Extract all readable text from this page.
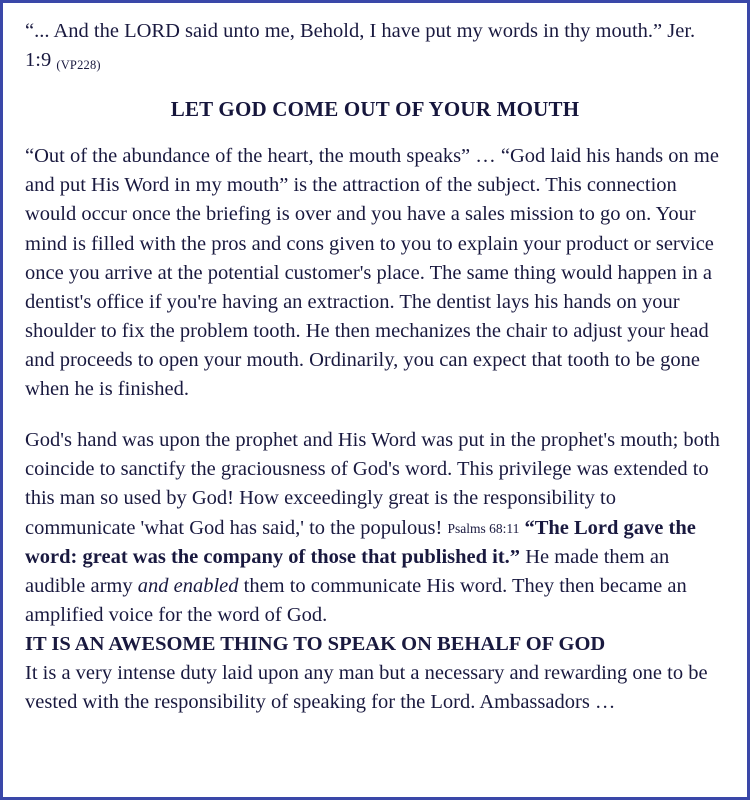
“... And the LORD said unto me, Behold, I have put my words in thy mouth.” Jer. 1:9 (VP228)

LET GOD COME OUT OF YOUR MOUTH

“Out of the abundance of the heart, the mouth speaks” … “God laid his hands on me and put His Word in my mouth” is the attraction of the subject. This connection would occur once the briefing is over and you have a sales mission to go on. Your mind is filled with the pros and cons given to you to explain your product or service once you arrive at the potential customer's place. The same thing would happen in a dentist's office if you're having an extraction. The dentist lays his hands on your shoulder to fix the problem tooth. He then mechanizes the chair to adjust your head and proceeds to open your mouth. Ordinarily, you can expect that tooth to be gone when he is finished.

God's hand was upon the prophet and His Word was put in the prophet's mouth; both coincide to sanctify the graciousness of God's word. This privilege was extended to this man so used by God! How exceedingly great is the responsibility to communicate 'what God has said,' to the populous! Psalms 68:11 “The Lord gave the word: great was the company of those that published it.” He made them an audible army and enabled them to communicate His word. They then became an amplified voice for the word of God.

IT IS AN AWESOME THING TO SPEAK ON BEHALF OF GOD

It is a very intense duty laid upon any man but a necessary and rewarding one to be vested with the responsibility of speaking for the Lord. Ambassadors …
